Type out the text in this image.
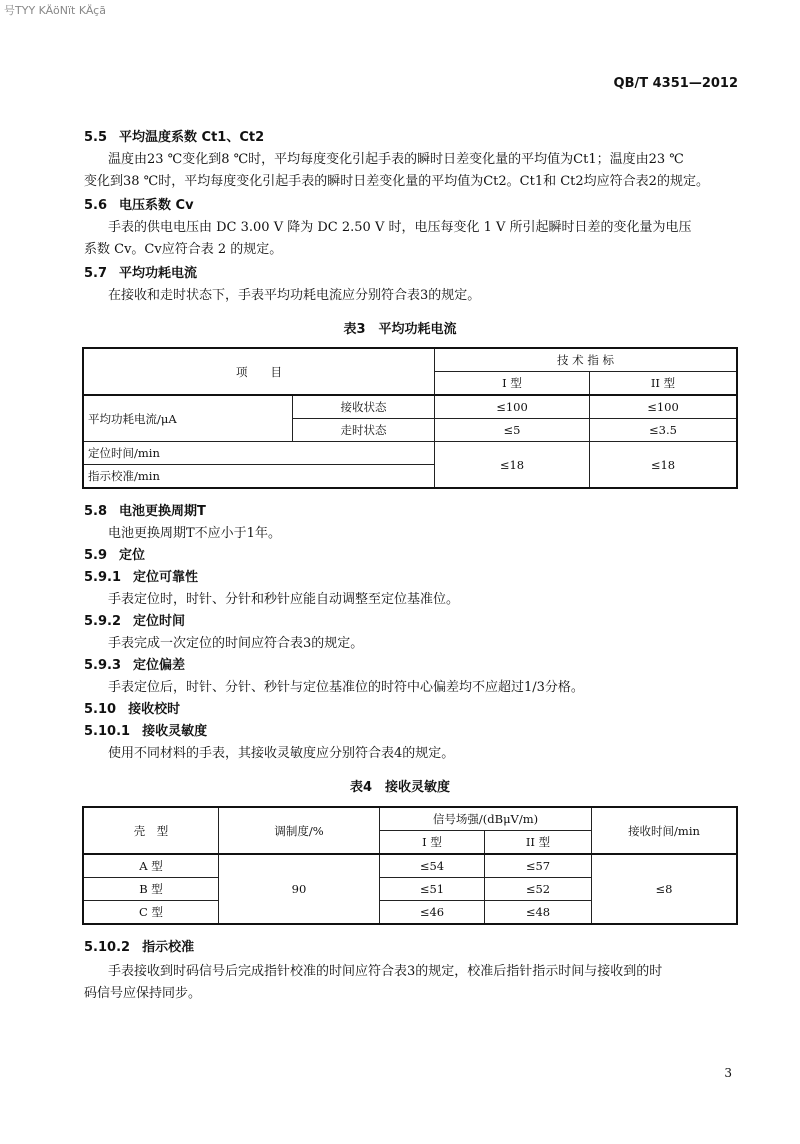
号TYY KÄöNït KÄçã
QB/T 4351—2012
5.5 平均温度系数 Ct1、Ct2
温度由23 ℃变化到8 ℃时，平均每度变化引起手表的瞬时日差变化量的平均值为Ct1；温度由23 ℃
变化到38 ℃时，平均每度变化引起手表的瞬时日差变化量的平均值为Ct2。Ct1和 Ct2均应符合表2的规定。
5.6 电压系数 Cv
手表的供电电压由 DC 3.00 V 降为 DC 2.50 V 时，电压每变化 1 V 所引起瞬时日差的变化量为电压
系数 Cv。Cv应符合表 2 的规定。
5.7 平均功耗电流
在接收和走时状态下，手表平均功耗电流应分别符合表3的规定。
表3　平均功耗电流
项　　目		技 术 指 标	
		I 型	II 型
平均功耗电流/μA	接收状态	≤100	≤100
	走时状态	≤5	≤3.5
定位时间/min		≤18	≤18
指示校准/min			
5.8 电池更换周期T
电池更换周期T不应小于1年。
5.9 定位
5.9.1 定位可靠性
手表定位时，时针、分针和秒针应能自动调整至定位基准位。
5.9.2 定位时间
手表完成一次定位的时间应符合表3的规定。
5.9.3 定位偏差
手表定位后，时针、分针、秒针与定位基准位的时符中心偏差均不应超过1/3分格。
5.10 接收校时
5.10.1 接收灵敏度
使用不同材料的手表，其接收灵敏度应分别符合表4的规定。
表4　接收灵敏度
壳　型	调制度/%	信号场强/(dBμV/m)		接收时间/min
		I 型	II 型	
A 型	90	≤54	≤57	≤8
B 型		≤51	≤52	
C 型		≤46	≤48	
5.10.2 指示校准
手表接收到时码信号后完成指针校准的时间应符合表3的规定，校准后指针指示时间与接收到的时
码信号应保持同步。
3
